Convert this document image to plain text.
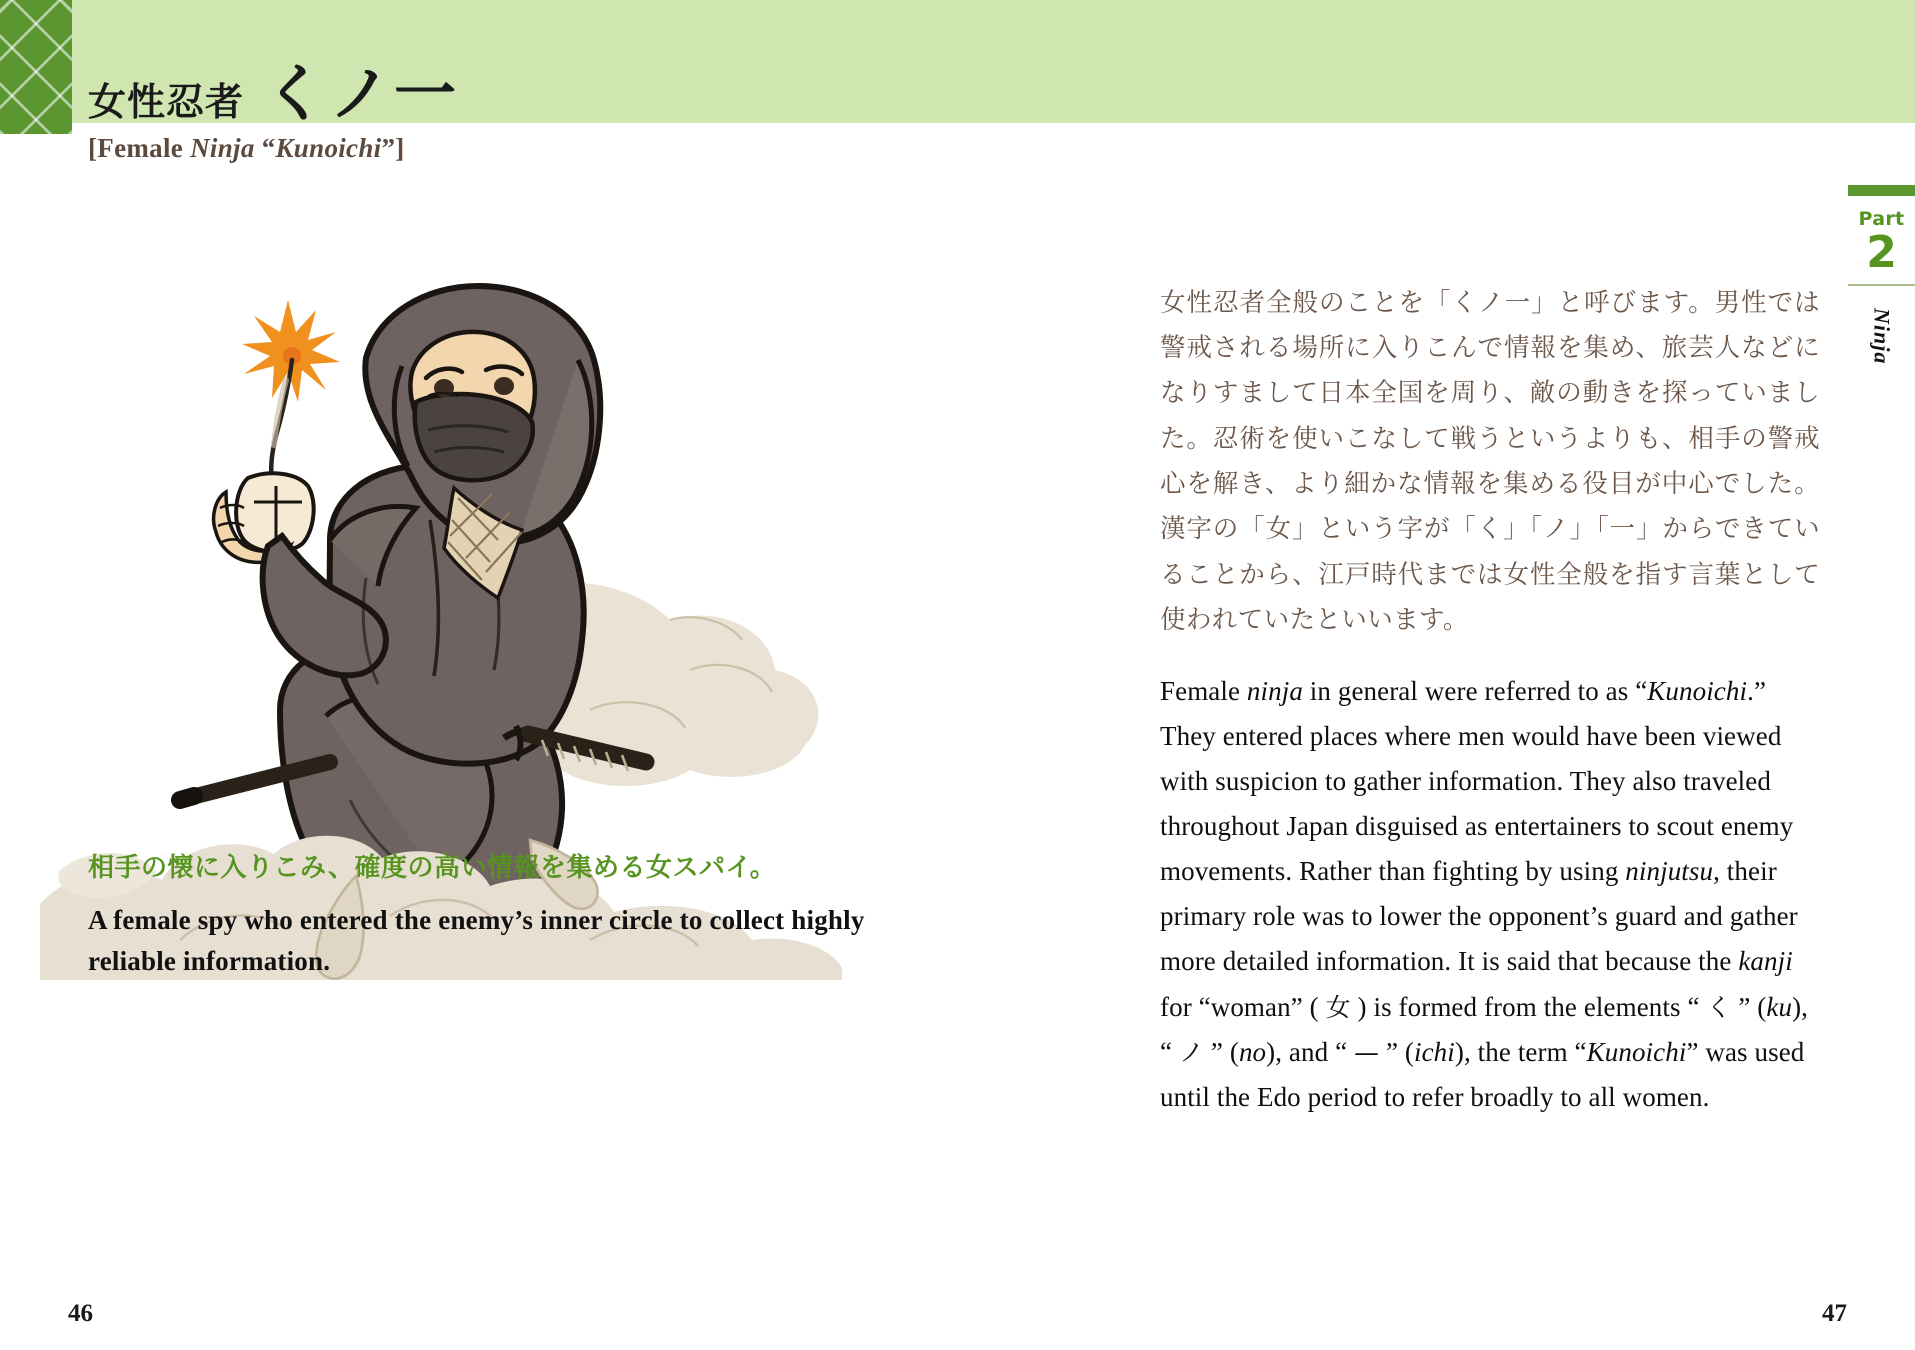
女性忍者 くノ一
[Female Ninja “Kunoichi”]
相手の懐に入りこみ、確度の高い情報を集める女スパイ。
A female spy who entered the enemy’s inner circle to collect highly reliable information.

女性忍者全般のことを「くノ一」と呼びます。男性では警戒される場所に入りこんで情報を集め、旅芸人などになりすまして日本全国を周り、敵の動きを探っていました。忍術を使いこなして戦うというよりも、相手の警戒心を解き、より細かな情報を集める役目が中心でした。漢字の「女」という字が「く」「ノ」「一」からできていることから、江戸時代までは女性全般を指す言葉として使われていたといいます。

Female ninja in general were referred to as “Kunoichi.” They entered places where men would have been viewed with suspicion to gather information. They also traveled throughout Japan disguised as entertainers to scout enemy movements. Rather than fighting by using ninjutsu, their primary role was to lower the opponent’s guard and gather more detailed information. It is said that because the kanji for “woman” ( 女 ) is formed from the elements “ く ” (ku), “ ノ ” (no), and “ — ” (ichi), the term “Kunoichi” was used until the Edo period to refer broadly to all women.

Part
2
Ninja
46	47
